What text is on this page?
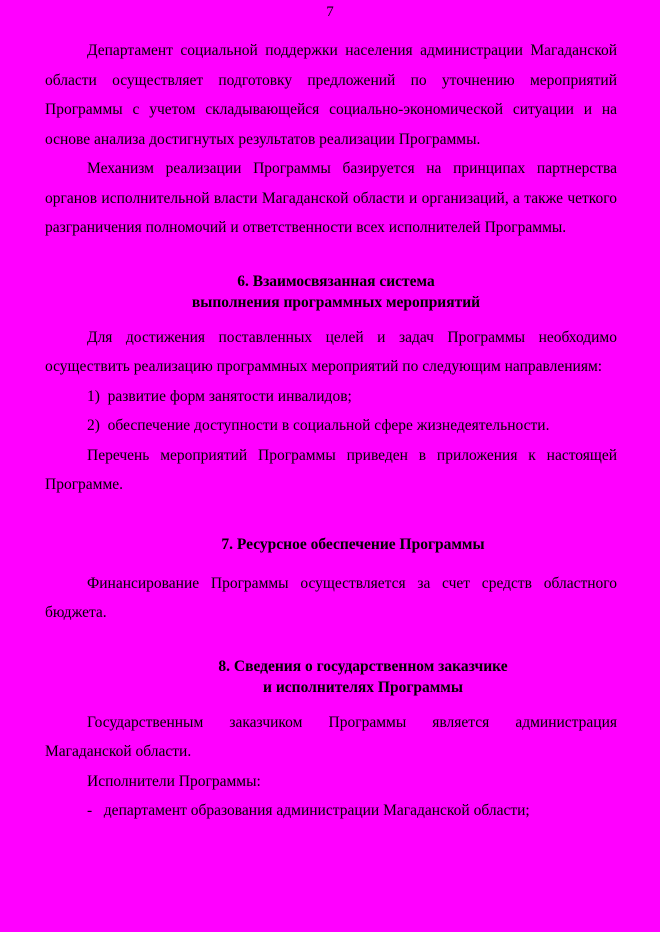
7

Департамент социальной поддержки населения администрации Магаданской области осуществляет подготовку предложений по уточнению мероприятий Программы с учетом складывающейся социально-экономической ситуации и на основе анализа достигнутых результатов реализации Программы.

Механизм реализации Программы базируется на принципах партнерства органов исполнительной власти Магаданской области и организаций, а также четкого разграничения полномочий и ответственности всех исполнителей Программы.

6. Взаимосвязанная система
выполнения программных мероприятий

Для достижения поставленных целей и задач Программы необходимо осуществить реализацию программных мероприятий по следующим направлениям:

1) развитие форм занятости инвалидов;

2) обеспечение доступности в социальной сфере жизнедеятельности.

Перечень мероприятий Программы приведен в приложения к настоящей Программе.

7. Ресурсное обеспечение Программы

Финансирование Программы осуществляется за счет средств областного бюджета.

8. Сведения о государственном заказчике
и исполнителях Программы

Государственным заказчиком Программы является администрация Магаданской области.

Исполнители Программы:

- департамент образования администрации Магаданской области;
